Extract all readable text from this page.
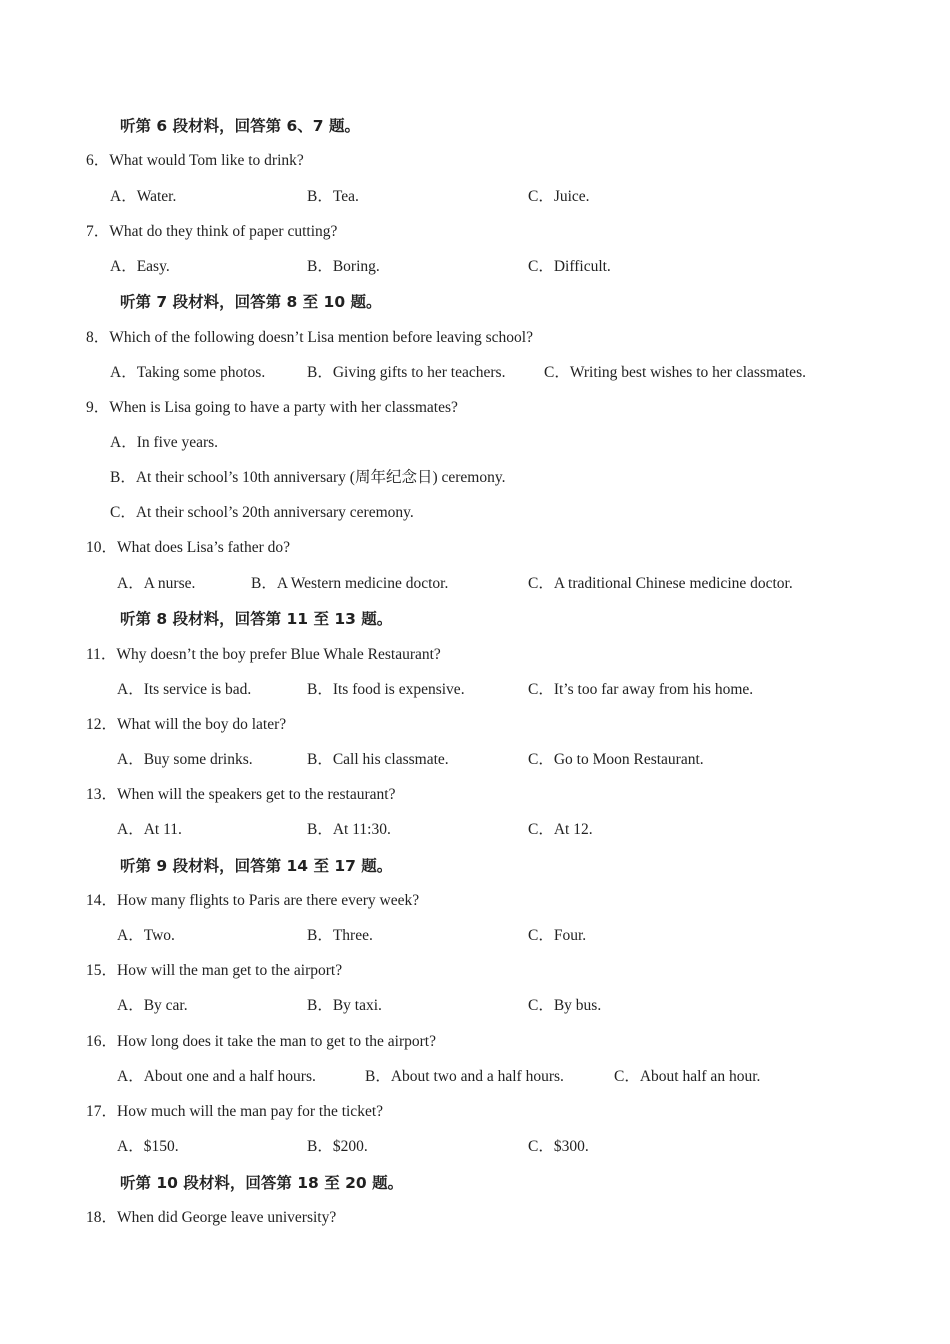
听第 6 段材料，回答第 6、7 题。
6．What would Tom like to drink?
A．Water.	B．Tea.	C．Juice.
7．What do they think of paper cutting?
A．Easy.	B．Boring.	C．Difficult.
听第 7 段材料，回答第 8 至 10 题。
8．Which of the following doesn’t Lisa mention before leaving school?
A．Taking some photos.	B．Giving gifts to her teachers. C．Writing best wishes to her classmates.
9．When is Lisa going to have a party with her classmates?
A．In five years.
B．At their school’s 10th anniversary (周年纪念日) ceremony.
C．At their school’s 20th anniversary ceremony.
10．What does Lisa’s father do?
A．A nurse.	B．A Western medicine doctor.	C．A traditional Chinese medicine doctor.
听第 8 段材料，回答第 11 至 13 题。
11．Why doesn’t the boy prefer Blue Whale Restaurant?
A．Its service is bad.	B．Its food is expensive.	C．It’s too far away from his home.
12．What will the boy do later?
A．Buy some drinks.	B．Call his classmate.	C．Go to Moon Restaurant.
13．When will the speakers get to the restaurant?
A．At 11.	B．At 11:30.	C．At 12.
听第 9 段材料，回答第 14 至 17 题。
14．How many flights to Paris are there every week?
A．Two.	B．Three.	C．Four.
15．How will the man get to the airport?
A．By car.	B．By taxi.	C．By bus.
16．How long does it take the man to get to the airport?
A．About one and a half hours.	B．About two and a half hours.	C．About half an hour.
17．How much will the man pay for the ticket?
A．$150.	B．$200.	C．$300.
听第 10 段材料，回答第 18 至 20 题。
18．When did George leave university?
